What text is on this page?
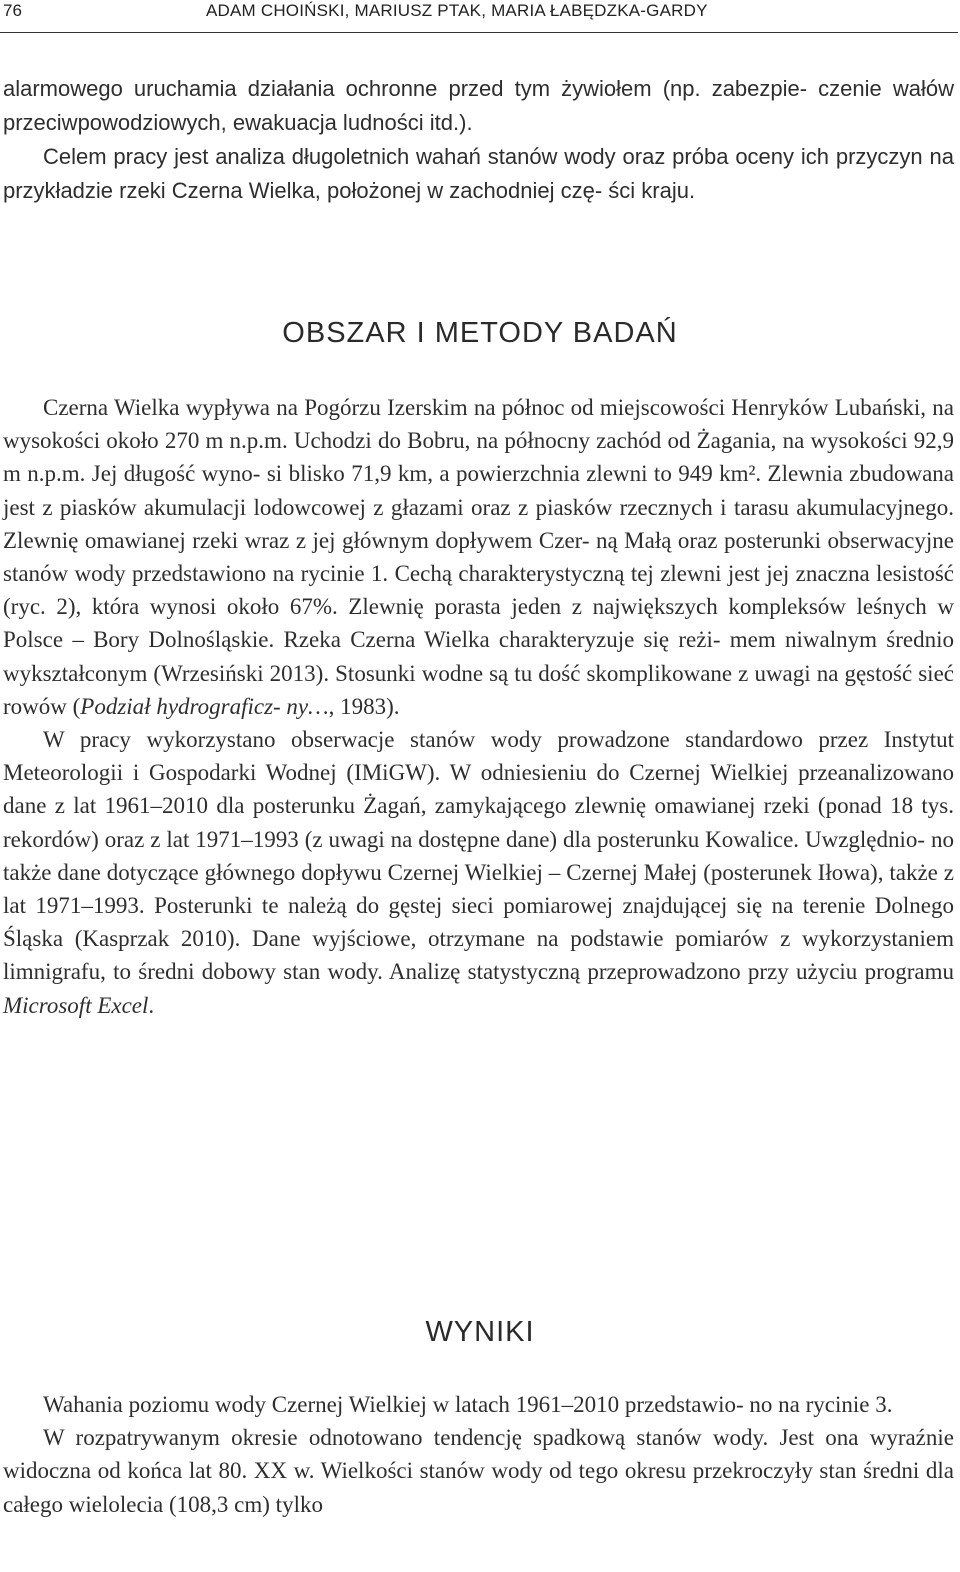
76	ADAM CHOIŃSKI, MARIUSZ PTAK, MARIA ŁABĘDZKA-GARDY

alarmowego uruchamia działania ochronne przed tym żywiołem (np. zabezpie- czenie wałów przeciwpowodziowych, ewakuacja ludności itd.).

Celem pracy jest analiza długoletnich wahań stanów wody oraz próba oceny ich przyczyn na przykładzie rzeki Czerna Wielka, położonej w zachodniej czę- ści kraju.

OBSZAR I METODY BADAŃ

Czerna Wielka wypływa na Pogórzu Izerskim na północ od miejscowości Henryków Lubański, na wysokości około 270 m n.p.m. Uchodzi do Bobru, na północny zachód od Żagania, na wysokości 92,9 m n.p.m. Jej długość wyno- si blisko 71,9 km, a powierzchnia zlewni to 949 km². Zlewnia zbudowana jest z piasków akumulacji lodowcowej z głazami oraz z piasków rzecznych i tarasu akumulacyjnego. Zlewnię omawianej rzeki wraz z jej głównym dopływem Czer- ną Małą oraz posterunki obserwacyjne stanów wody przedstawiono na rycinie 1. Cechą charakterystyczną tej zlewni jest jej znaczna lesistość (ryc. 2), która wynosi około 67%. Zlewnię porasta jeden z największych kompleksów leśnych w Polsce – Bory Dolnośląskie. Rzeka Czerna Wielka charakteryzuje się reżi- mem niwalnym średnio wykształconym (Wrzesiński 2013). Stosunki wodne są tu dość skomplikowane z uwagi na gęstość sieć rowów (Podział hydrograficz- ny…, 1983).

W pracy wykorzystano obserwacje stanów wody prowadzone standardowo przez Instytut Meteorologii i Gospodarki Wodnej (IMiGW). W odniesieniu do Czernej Wielkiej przeanalizowano dane z lat 1961–2010 dla posterunku Żagań, zamykającego zlewnię omawianej rzeki (ponad 18 tys. rekordów) oraz z lat 1971–1993 (z uwagi na dostępne dane) dla posterunku Kowalice. Uwzględnio- no także dane dotyczące głównego dopływu Czernej Wielkiej – Czernej Małej (posterunek Iłowa), także z lat 1971–1993. Posterunki te należą do gęstej sieci pomiarowej znajdującej się na terenie Dolnego Śląska (Kasprzak 2010). Dane wyjściowe, otrzymane na podstawie pomiarów z wykorzystaniem limnigrafu, to średni dobowy stan wody. Analizę statystyczną przeprowadzono przy użyciu programu Microsoft Excel.

WYNIKI

Wahania poziomu wody Czernej Wielkiej w latach 1961–2010 przedstawio- no na rycinie 3.

W rozpatrywanym okresie odnotowano tendencję spadkową stanów wody. Jest ona wyraźnie widoczna od końca lat 80. XX w. Wielkości stanów wody od tego okresu przekroczyły stan średni dla całego wielolecia (108,3 cm) tylko
